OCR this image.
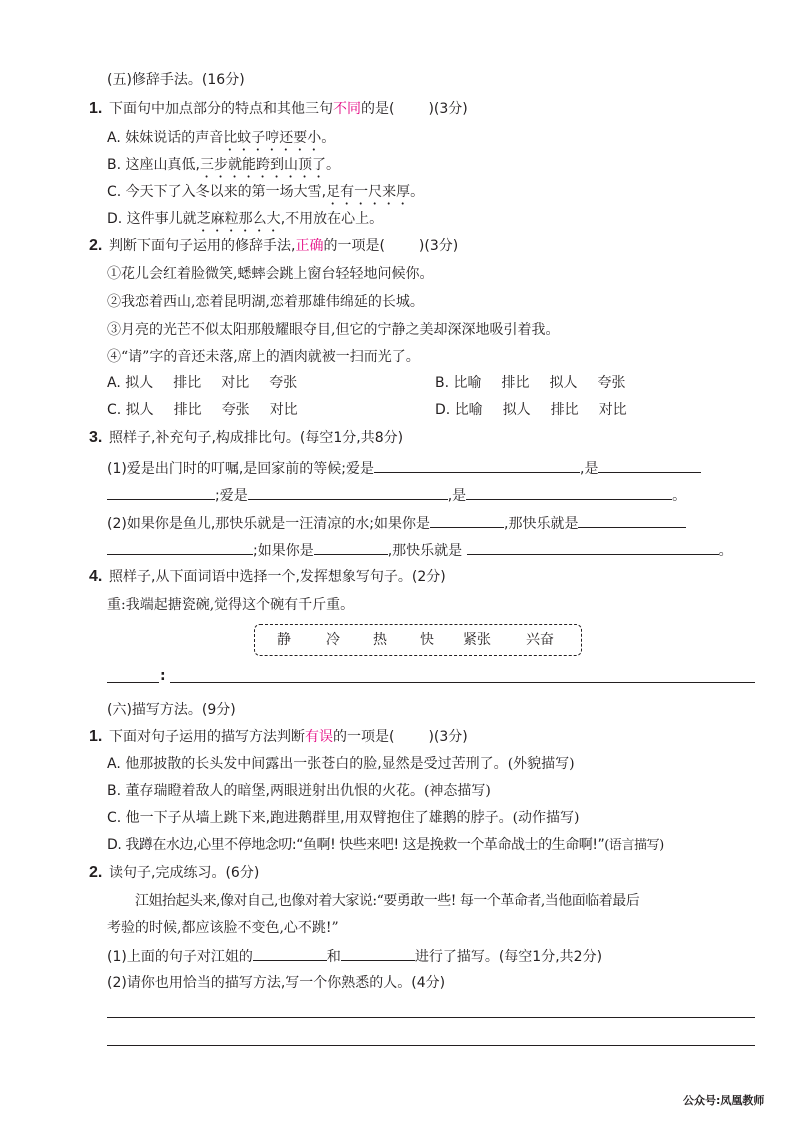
(五)修辞手法。(16分)
1. 下面句中加点部分的特点和其他三句不同的是( )(3分)
A. 妹妹说话的声音比蚊子哼还要小。
B. 这座山真低,三步就能跨到山顶了。
C. 今天下了入冬以来的第一场大雪,足有一尺来厚。
D. 这件事儿就芝麻粒那么大,不用放在心上。
2. 判断下面句子运用的修辞手法,正确的一项是( )(3分)
①花儿会红着脸微笑,蟋蟀会跳上窗台轻轻地问候你。
②我恋着西山,恋着昆明湖,恋着那雄伟绵延的长城。
③月亮的光芒不似太阳那般耀眼夺目,但它的宁静之美却深深地吸引着我。
④“请”字的音还未落,席上的酒肉就被一扫而光了。
A. 拟人 排比 对比 夸张	B. 比喻 排比 拟人 夸张
C. 拟人 排比 夸张 对比	D. 比喻 拟人 排比 对比
3. 照样子,补充句子,构成排比句。(每空1分,共8分)
(1)爱是出门时的叮嘱,是回家前的等候;爱是	,是
;爱是	,是	。
(2)如果你是鱼儿,那快乐就是一汪清凉的水;如果你是	,那快乐就是
;如果你是	,那快乐就是	。
4. 照样子,从下面词语中选择一个,发挥想象写句子。(2分)
重:我端起搪瓷碗,觉得这个碗有千斤重。
静	冷 热 快 紧张	兴奋
:
(六)描写方法。(9分)
1. 下面对句子运用的描写方法判断有误的一项是( )(3分)
A. 他那披散的长头发中间露出一张苍白的脸,显然是受过苦刑了。(外貌描写)
B. 董存瑞瞪着敌人的暗堡,两眼迸射出仇恨的火花。(神态描写)
C. 他一下子从墙上跳下来,跑进鹅群里,用双臂抱住了雄鹅的脖子。(动作描写)
D. 我蹲在水边,心里不停地念叨:“鱼啊! 快些来吧! 这是挽救一个革命战士的生命啊!”(语言描写)
2. 读句子,完成练习。(6分)
江姐抬起头来,像对自己,也像对着大家说:“要勇敢一些! 每一个革命者,当他面临着最后
考验的时候,都应该脸不变色,心不跳!”
(1)上面的句子对江姐的	和	进行了描写。(每空1分,共2分)
(2)请你也用恰当的描写方法,写一个你熟悉的人。(4分)
公众号:凤凰教师
